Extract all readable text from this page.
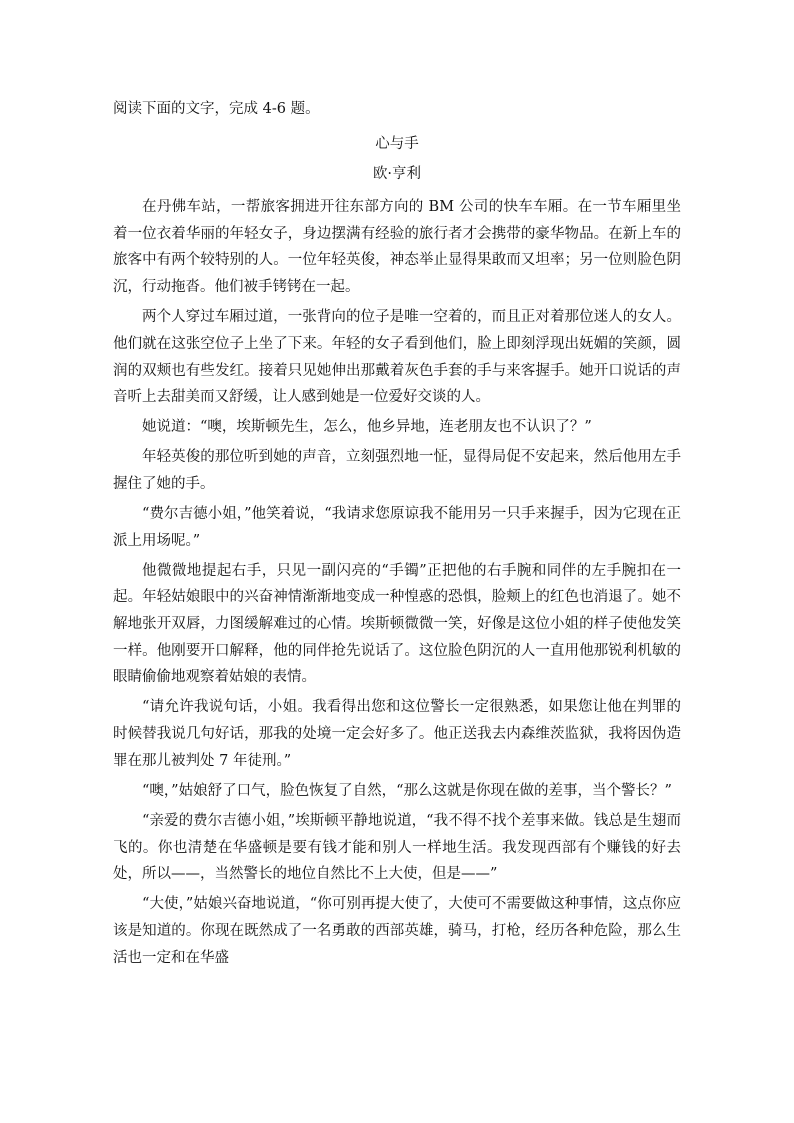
阅读下面的文字，完成 4-6 题。
心与手
欧·亨利

在丹佛车站，一帮旅客拥进开往东部方向的 BM 公司的快车车厢。在一节车厢里坐着一位衣着华丽的年轻女子，身边摆满有经验的旅行者才会携带的豪华物品。在新上车的旅客中有两个较特别的人。一位年轻英俊，神态举止显得果敢而又坦率；另一位则脸色阴沉，行动拖沓。他们被手铐铐在一起。

两个人穿过车厢过道，一张背向的位子是唯一空着的，而且正对着那位迷人的女人。他们就在这张空位子上坐了下来。年轻的女子看到他们，脸上即刻浮现出妩媚的笑颜，圆润的双颊也有些发红。接着只见她伸出那戴着灰色手套的手与来客握手。她开口说话的声音听上去甜美而又舒缓，让人感到她是一位爱好交谈的人。

她说道：“噢，埃斯顿先生，怎么，他乡异地，连老朋友也不认识了？”

年轻英俊的那位听到她的声音，立刻强烈地一怔，显得局促不安起来，然后他用左手握住了她的手。

“费尔吉德小姐，”他笑着说，“我请求您原谅我不能用另一只手来握手，因为它现在正派上用场呢。”

他微微地提起右手，只见一副闪亮的“手镯”正把他的右手腕和同伴的左手腕扣在一起。年轻姑娘眼中的兴奋神情渐渐地变成一种惶惑的恐惧，脸颊上的红色也消退了。她不解地张开双唇，力图缓解难过的心情。埃斯顿微微一笑，好像是这位小姐的样子使他发笑一样。他刚要开口解释，他的同伴抢先说话了。这位脸色阴沉的人一直用他那锐利机敏的眼睛偷偷地观察着姑娘的表情。

“请允许我说句话，小姐。我看得出您和这位警长一定很熟悉，如果您让他在判罪的时候替我说几句好话，那我的处境一定会好多了。他正送我去内森维茨监狱，我将因伪造罪在那儿被判处 7 年徒刑。”

“噢，”姑娘舒了口气，脸色恢复了自然，“那么这就是你现在做的差事，当个警长？”

“亲爱的费尔吉德小姐，”埃斯顿平静地说道，“我不得不找个差事来做。钱总是生翅而飞的。你也清楚在华盛顿是要有钱才能和别人一样地生活。我发现西部有个赚钱的好去处，所以——，当然警长的地位自然比不上大使，但是——”

“大使，”姑娘兴奋地说道，“你可别再提大使了，大使可不需要做这种事情，这点你应该是知道的。你现在既然成了一名勇敢的西部英雄，骑马，打枪，经历各种危险，那么生活也一定和在华盛
